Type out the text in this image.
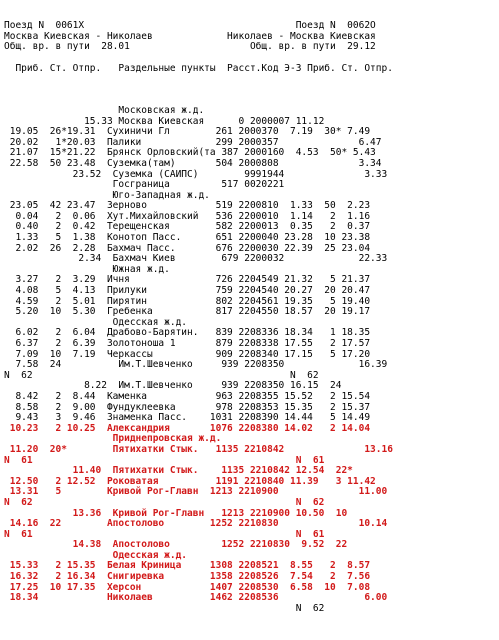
Поезд N  0061Х                                     Поезд N  0062О
Москва Киевская - Николаев             Николаев - Москва Киевская
Общ. вр. в пути  28.01                     Общ. вр. в пути  29.12
Приб. Ст. Отпр.   Раздельные пункты  Расст.Код Э-3 Приб. Ст. Отпр.

Московская ж.д.
15.33 Москва Киевская      0 2000007 11.12
19.05  26*19.31  Сухиничи Гл        261 2000370  7.19  30* 7.49
20.02   1*20.03  Палики             299 2000357              6.47
21.07  15*21.22  Брянск Орловский(та 387 2000160  4.53  50* 5.43
22.58  50 23.48  Суземка(там)       504 2000808              3.34
23.52  Суземка (САИПС)        9991944              3.33
Госграница         517 0020221
Юго-Западная ж.д.
23.05  42 23.47  Зерново            519 2200810  1.33  50  2.23
0.04   2  0.06  Хут.Михайловский   536 2200010  1.14   2  1.16
0.40   2  0.42  Терещенская        582 2200013  0.35   2  0.37
1.33   5  1.38  Конотоп Пасс.      651 2200040 23.28  10 23.38
2.02  26  2.28  Бахмач Пасс.       676 2200030 22.39  25 23.04
2.34  Бахмач Киев        679 2200032             22.33
Южная ж.д.
3.27   2  3.29  Ичня               726 2204549 21.32   5 21.37
4.08   5  4.13  Прилуки            759 2204540 20.27  20 20.47
4.59   2  5.01  Пирятин            802 2204561 19.35   5 19.40
5.20  10  5.30  Гребенка           817 2204550 18.57  20 19.17
Одесская ж.д.
6.02   2  6.04  Драбово-Барятин.   839 2208336 18.34   1 18.35
6.37   2  6.39  Золотоноша 1       879 2208338 17.55   2 17.57
7.09  10  7.19  Черкассы           909 2208340 17.15   5 17.20
7.58  24          Им.Т.Шевченко     939 2208350             16.39
N  62                                             N  62
8.22  Им.Т.Шевченко     939 2208350 16.15  24
8.42   2  8.44  Каменка            963 2208355 15.52   2 15.54
8.58   2  9.00  Фундуклеевка       978 2208353 15.35   2 15.37
9.43   3  9.46  Знаменка Пасс.    1031 2208390 14.44   5 14.49
10.23   2 10.25  Александрия       1076 2208380 14.02   2 14.04
Приднепровская ж.д.
11.20  20*        Пятихатки Стык.   1135 2210842              13.16
N  61                                              N  61
11.40  Пятихатки Стык.    1135 2210842 12.54  22*
12.50   2 12.52  Роковатая          1191 2210840 11.39   3 11.42
13.31   5        Кривой Рог-Главн  1213 2210900              11.00
N  62                                              N  62
13.36  Кривой Рог-Главн   1213 2210900 10.50  10
14.16  22        Апостолово        1252 2210830              10.14
N  61                                              N  61
14.38  Апостолово         1252 2210830  9.52  22
Одесская ж.д.
15.33   2 15.35  Белая Криница     1308 2208521  8.55   2  8.57
16.32   2 16.34  Снигиревка        1358 2208526  7.54   2  7.56
17.25  10 17.35  Херсон            1407 2208530  6.58  10  7.08
18.34            Николаев          1462 2208536               6.00
N  62
